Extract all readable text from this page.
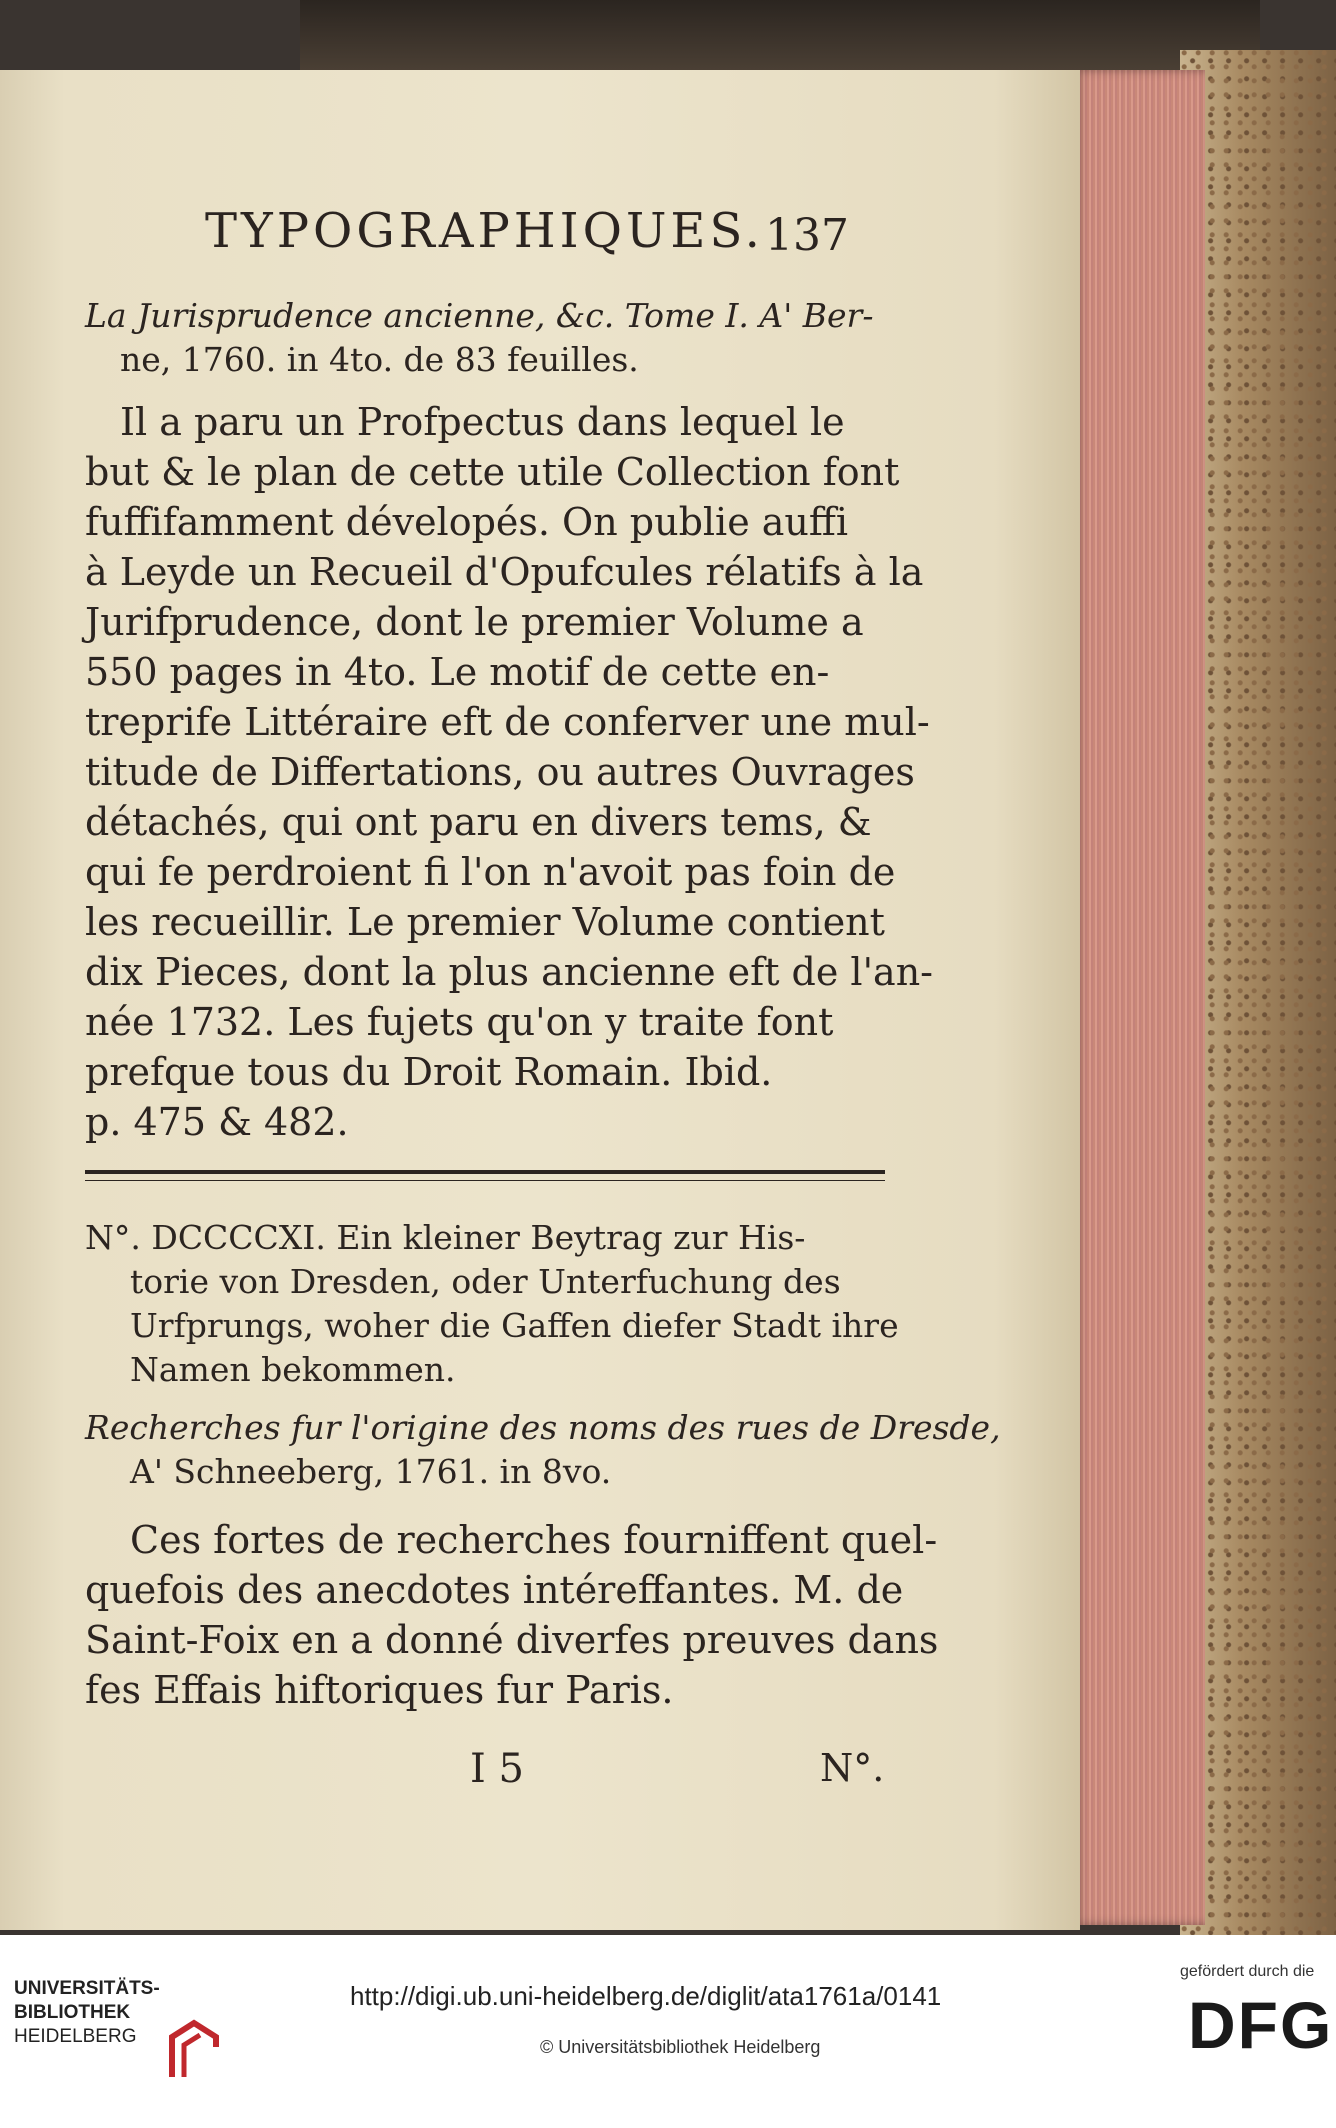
TYPOGRAPHIQUES. 137
La Jurisprudence ancienne, &c. Tome I. A' Ber-
ne, 1760. in 4to. de 83 feuilles.
Il a paru un Profpectus dans lequel le
but & le plan de cette utile Collection font
fuffifamment dévelopés. On publie auffi
à Leyde un Recueil d'Opufcules rélatifs à la
Jurifprudence, dont le premier Volume a
550 pages in 4to. Le motif de cette en-
treprife Littéraire eft de conferver une mul-
titude de Differtations, ou autres Ouvrages
détachés, qui ont paru en divers tems, &
qui fe perdroient fi l'on n'avoit pas foin de
les recueillir. Le premier Volume contient
dix Pieces, dont la plus ancienne eft de l'an-
née 1732. Les fujets qu'on y traite font
prefque tous du Droit Romain. Ibid.
p. 475 & 482.
N°. DCCCCXI. Ein kleiner Beytrag zur His-
torie von Dresden, oder Unterfuchung des
Urfprungs, woher die Gaffen diefer Stadt ihre
Namen bekommen.
Recherches fur l'origine des noms des rues de Dresde,
A' Schneeberg, 1761. in 8vo.
Ces fortes de recherches fourniffent quel-
quefois des anecdotes intéreffantes. M. de
Saint-Foix en a donné diverfes preuves dans
fes Effais hiftoriques fur Paris.
I 5	N°.
UNIVERSITÄTS-
BIBLIOTHEK
HEIDELBERG
http://digi.ub.uni-heidelberg.de/diglit/ata1761a/0141
© Universitätsbibliothek Heidelberg
gefördert durch die
DFG
